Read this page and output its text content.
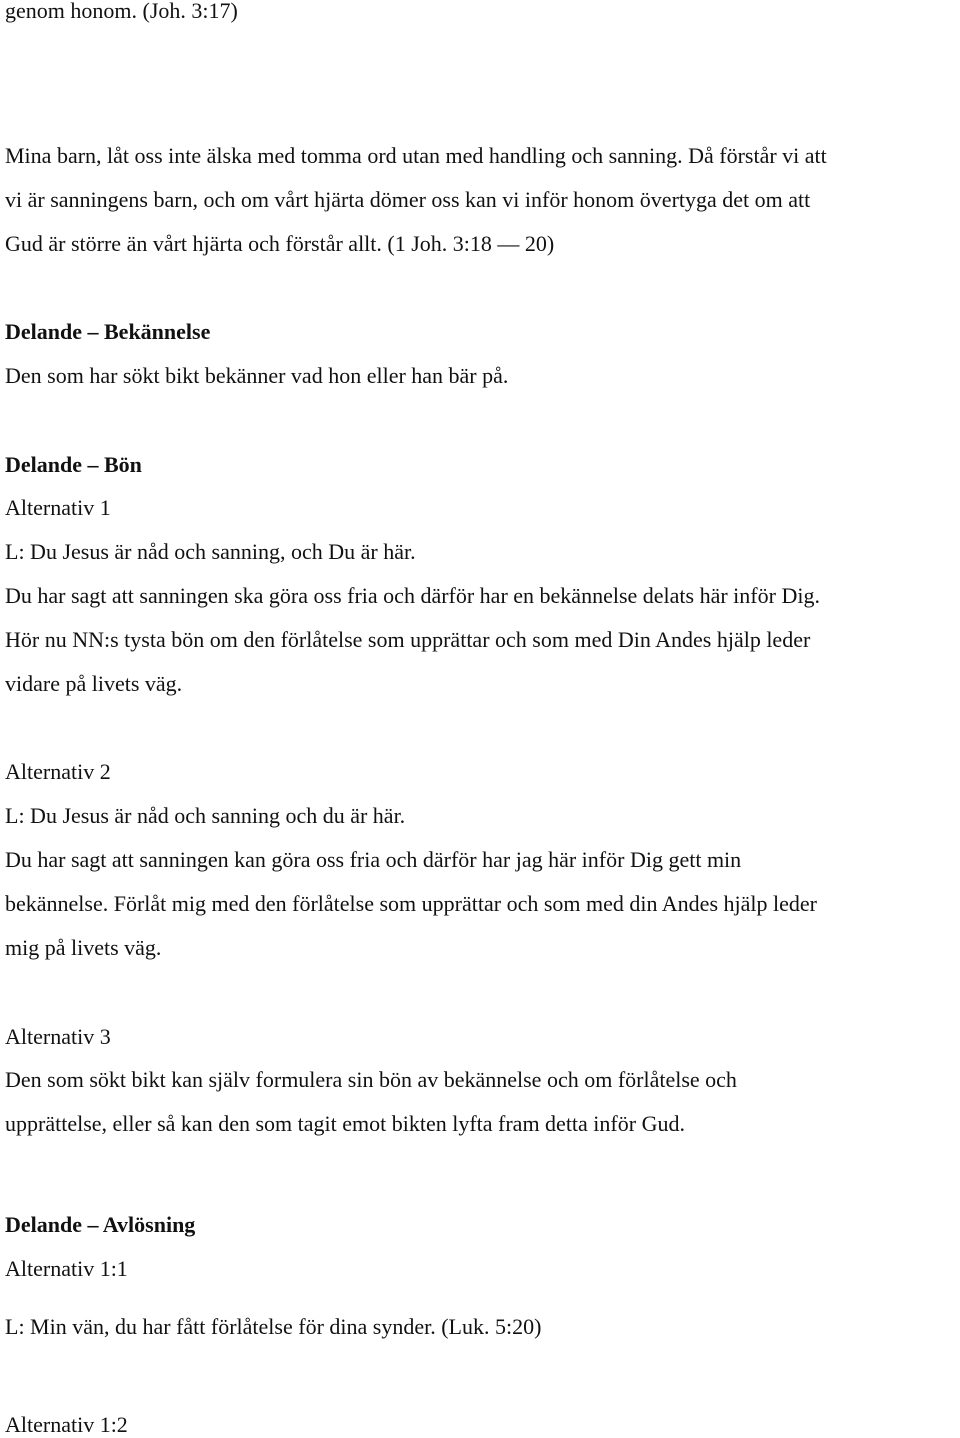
genom honom. (Joh. 3:17)
Mina barn, låt oss inte älska med tomma ord utan med handling och sanning. Då förstår vi att
vi är sanningens barn, och om vårt hjärta dömer oss kan vi inför honom övertyga det om att
Gud är större än vårt hjärta och förstår allt. (1 Joh. 3:18 — 20)
Delande – Bekännelse
Den som har sökt bikt bekänner vad hon eller han bär på.
Delande – Bön
Alternativ 1
L: Du Jesus är nåd och sanning, och Du är här.
Du har sagt att sanningen ska göra oss fria och därför har en bekännelse delats här inför Dig.
Hör nu NN:s tysta bön om den förlåtelse som upprättar och som med Din Andes hjälp leder
vidare på livets väg.
Alternativ 2
L: Du Jesus är nåd och sanning och du är här.
Du har sagt att sanningen kan göra oss fria och därför har jag här inför Dig gett min
bekännelse. Förlåt mig med den förlåtelse som upprättar och som med din Andes hjälp leder
mig på livets väg.
Alternativ 3
Den som sökt bikt kan själv formulera sin bön av bekännelse och om förlåtelse och
upprättelse, eller så kan den som tagit emot bikten lyfta fram detta inför Gud.
Delande – Avlösning
Alternativ 1:1
L: Min vän, du har fått förlåtelse för dina synder. (Luk. 5:20)
Alternativ 1:2
